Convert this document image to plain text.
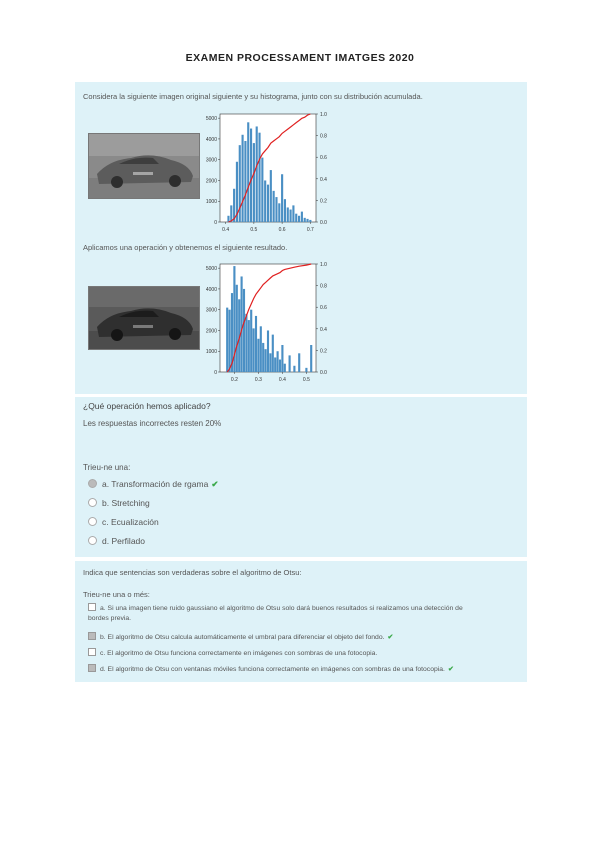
EXAMEN PROCESSAMENT IMATGES 2020
Considera la siguiente imagen original siguiente y su histograma, junto con su distribución acumulada.
0
1000
2000
3000
4000
5000
0.0
0.2
0.4
0.6
0.8
1.0
0.4	0.5	0.6	0.7
Aplicamos una operación y obtenemos el siguiente resultado.
0
1000
2000
3000
4000
5000
0.0
0.2
0.4
0.6
0.8
1.0
0.2	0.3	0.4	0.5
¿Qué operación hemos aplicado?
Les respuestas incorrectes resten 20%
Trieu-ne una:
a. Transformación de rgama ✔
b. Stretching
c. Ecualización
d. Perfilado
Indica que sentencias son verdaderas sobre el algoritmo de Otsu:
Trieu-ne una o més:
a. Si una imagen tiene ruido gaussiano el algoritmo de Otsu solo dará buenos resultados si realizamos una detección de
bordes previa.
b. El algoritmo de Otsu calcula automáticamente el umbral para diferenciar el objeto del fondo. ✔
c. El algoritmo de Otsu funciona correctamente en imágenes con sombras de una fotocopia.
d. El algoritmo de Otsu con ventanas móviles funciona correctamente en imágenes con sombras de una fotocopia. ✔
